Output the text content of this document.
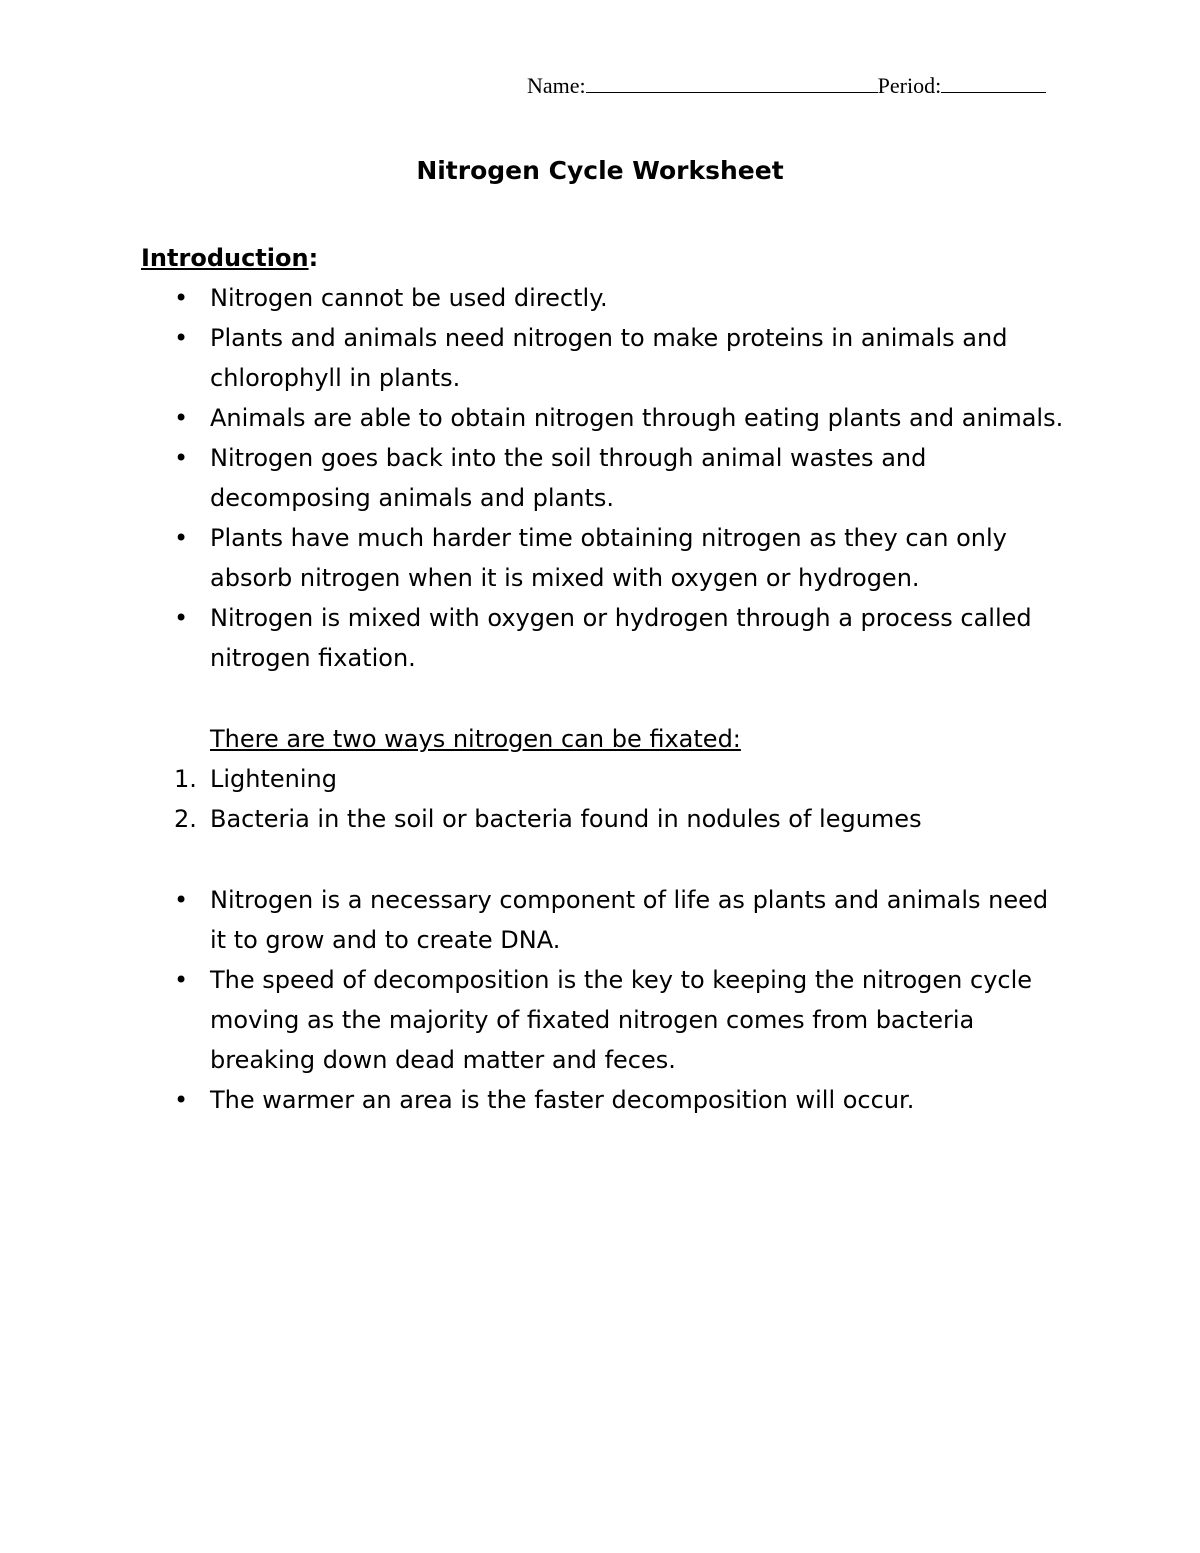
Name:	Period:
Nitrogen Cycle Worksheet
Introduction:
• Nitrogen cannot be used directly.
• Plants and animals need nitrogen to make proteins in animals and chlorophyll in plants.
• Animals are able to obtain nitrogen through eating plants and animals.
• Nitrogen goes back into the soil through animal wastes and decomposing animals and plants.
• Plants have much harder time obtaining nitrogen as they can only absorb nitrogen when it is mixed with oxygen or hydrogen.
• Nitrogen is mixed with oxygen or hydrogen through a process called nitrogen fixation.
There are two ways nitrogen can be fixated:
1. Lightening
2. Bacteria in the soil or bacteria found in nodules of legumes
• Nitrogen is a necessary component of life as plants and animals need it to grow and to create DNA.
• The speed of decomposition is the key to keeping the nitrogen cycle moving as the majority of fixated nitrogen comes from bacteria breaking down dead matter and feces.
• The warmer an area is the faster decomposition will occur.
